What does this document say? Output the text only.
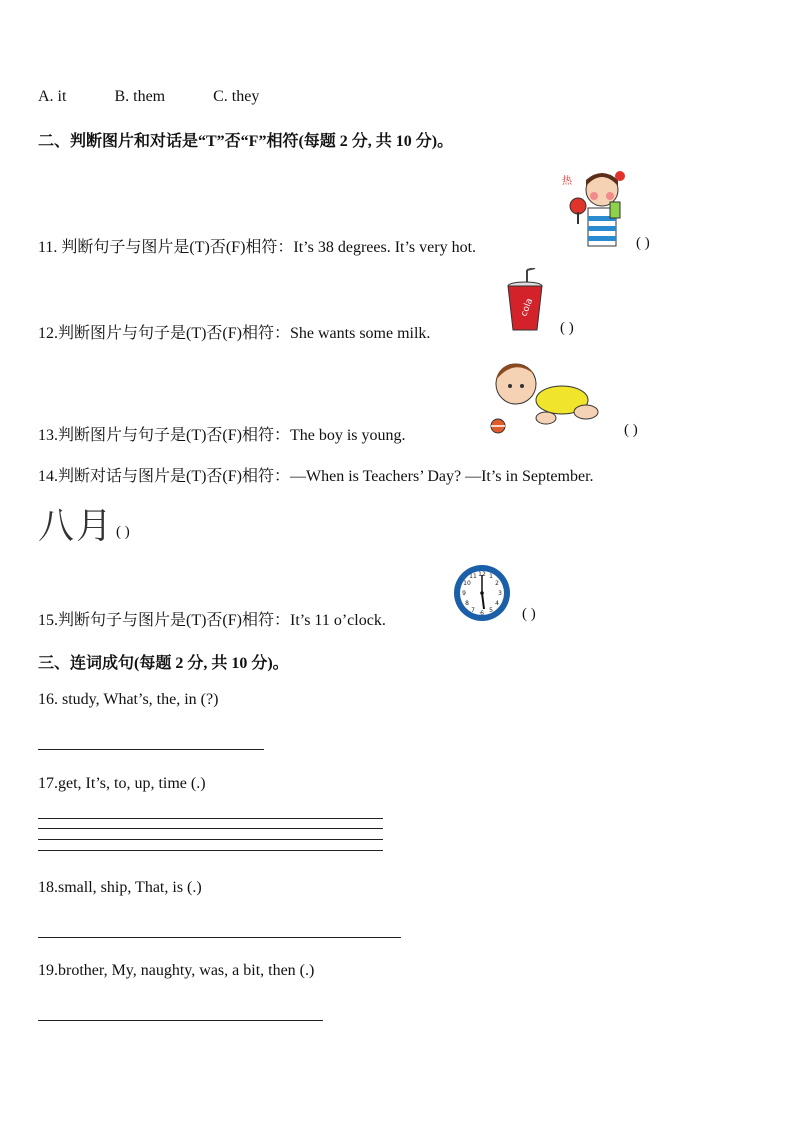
A. it	B. them	C. they
二、判断图片和对话是“T”否“F”相符(每题 2 分, 共 10 分)。
11. 判断句子与图片是(T)否(F)相符：It’s 38 degrees. It’s very hot.
热
( )
12.判断图片与句子是(T)否(F)相符：She wants some milk.
cola
( )
13.判断图片与句子是(T)否(F)相符：The boy is young.	( )
14.判断对话与图片是(T)否(F)相符：—When is Teachers’ Day? —It’s in September.
八月 ( )
15.判断句子与图片是(T)否(F)相符：It’s 11 o’clock.
12 1
2
3
4
5
6
7
8
9
10
11
( )
三、连词成句(每题 2 分, 共 10 分)。
16. study, What’s, the, in (?)
17.get, It’s, to, up, time (.)
18.small, ship, That, is (.)
19.brother, My, naughty, was, a bit, then (.)
